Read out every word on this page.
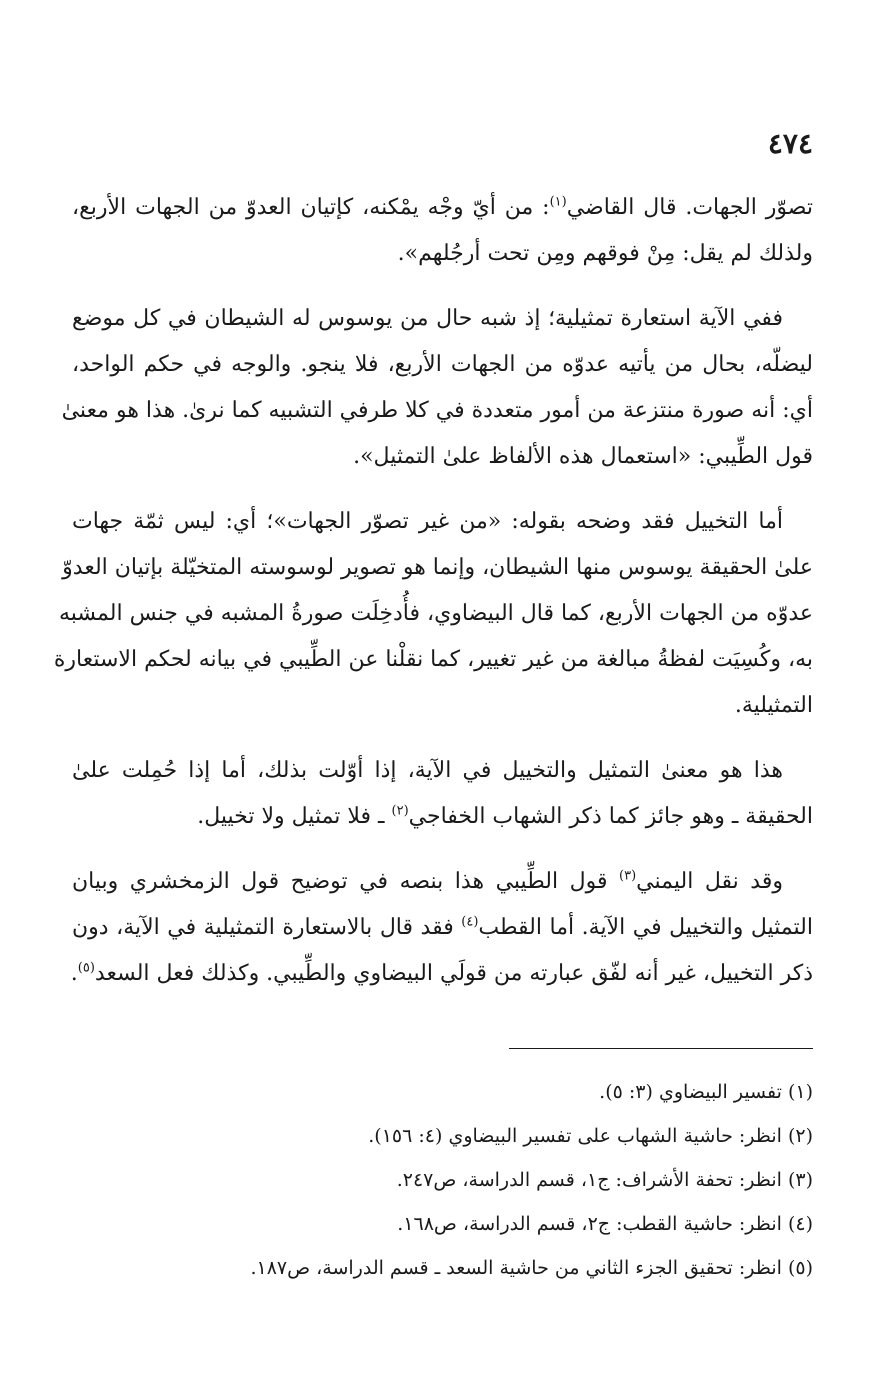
٤٧٤

تصوّر الجهات. قال القاضي$^{(١)}$: من أيّ وجْه يمْكنه، كإتيان العدوّ من الجهات الأربع،
ولذلك لم يقل: مِنْ فوقهم ومِن تحت أرجُلهم».

ففي الآية استعارة تمثيلية؛ إذ شبه حال من يوسوس له الشيطان في كل موضع
ليضلّه، بحال من يأتيه عدوّه من الجهات الأربع، فلا ينجو. والوجه في حكم الواحد،
أي: أنه صورة منتزعة من أمور متعددة في كلا طرفي التشبيه كما نرىٰ. هذا هو معنىٰ
قول الطِّيبي: «استعمال هذه الألفاظ علىٰ التمثيل».

أما التخييل فقد وضحه بقوله: «من غير تصوّر الجهات»؛ أي: ليس ثمّة جهات
علىٰ الحقيقة يوسوس منها الشيطان، وإنما هو تصوير لوسوسته المتخيّلة بإتيان العدوّ
عدوّه من الجهات الأربع، كما قال البيضاوي، فأُدخِلَت صورةُ المشبه في جنس المشبه
به، وكُسِيَت لفظةُ مبالغة من غير تغيير، كما نقلْنا عن الطِّيبي في بيانه لحكم الاستعارة
التمثيلية.

هذا هو معنىٰ التمثيل والتخييل في الآية، إذا أوّلت بذلك، أما إذا حُمِلت علىٰ
الحقيقة ـ وهو جائز كما ذكر الشهاب الخفاجي$^{(٢)}$ ـ فلا تمثيل ولا تخييل.

وقد نقل اليمني$^{(٣)}$ قول الطِّيبي هذا بنصه في توضيح قول الزمخشري وبيان
التمثيل والتخييل في الآية. أما القطب$^{(٤)}$ فقد قال بالاستعارة التمثيلية في الآية، دون
ذكر التخييل، غير أنه لفّق عبارته من قولَي البيضاوي والطِّيبي. وكذلك فعل السعد$^{(٥)}$.

(١) تفسير البيضاوي (٣: ٥).
(٢) انظر: حاشية الشهاب على تفسير البيضاوي (٤: ١٥٦).
(٣) انظر: تحفة الأشراف: ج١، قسم الدراسة، ص٢٤٧.
(٤) انظر: حاشية القطب: ج٢، قسم الدراسة، ص١٦٨.
(٥) انظر: تحقيق الجزء الثاني من حاشية السعد ـ قسم الدراسة، ص١٨٧.
